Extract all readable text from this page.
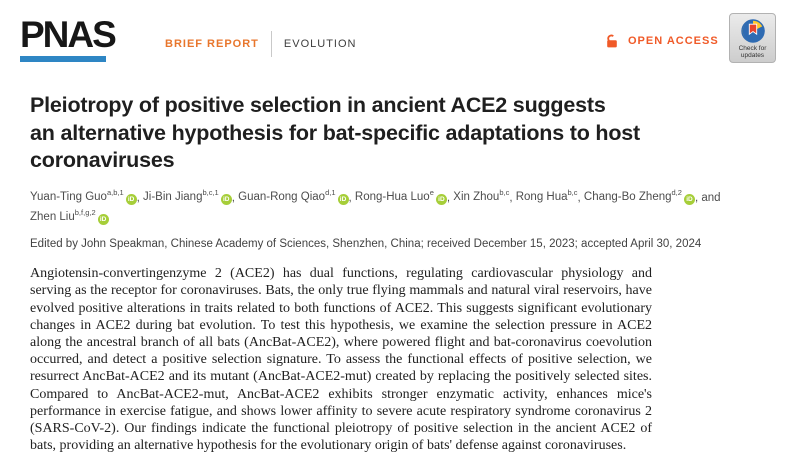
PNAS	BRIEF REPORT EVOLUTION	OPEN ACCESS
Check for
updates
Pleiotropy of positive selection in ancient ACE2 suggests
an alternative hypothesis for bat-specific adaptations to host
coronaviruses
Yuan-Ting Guo$^{a,b,1}$iD , Ji-Bin Jiang$^{b,c,1}$iD , Guan-Rong Qiao$^{d,1}$iD , Rong-Hua Luo$^e$iD , Xin Zhou$^{b,c}$, Rong Hua$^{b,c}$, Chang-Bo Zheng$^{d,2}$iD , and Zhen Liu$^{b,f,g,2}$iD

Edited by John Speakman, Chinese Academy of Sciences, Shenzhen, China; received December 15, 2023; accepted April 30, 2024

Angiotensin-convertingenzyme 2 (ACE2) has dual functions, regulating cardiovascular physiology and serving as the receptor for coronaviruses. Bats, the only true flying mammals and natural viral reservoirs, have evolved positive alterations in traits related to both functions of ACE2. This suggests significant evolutionary changes in ACE2 during bat evolution. To test this hypothesis, we examine the selection pressure in ACE2 along the ancestral branch of all bats (AncBat-ACE2), where powered flight and bat-coronavirus coevolution occurred, and detect a positive selection signature. To assess the functional effects of positive selection, we resurrect AncBat-ACE2 and its mutant (AncBat-ACE2-mut) created by replacing the positively selected sites. Compared to AncBat-ACE2-mut, AncBat-ACE2 exhibits stronger enzymatic activity, enhances mice's performance in exercise fatigue, and shows lower affinity to severe acute respiratory syndrome coronavirus 2 (SARS-CoV-2). Our findings indicate the functional pleiotropy of positive selection in the ancient ACE2 of bats, providing an alternative hypothesis for the evolutionary origin of bats' defense against coronaviruses.
